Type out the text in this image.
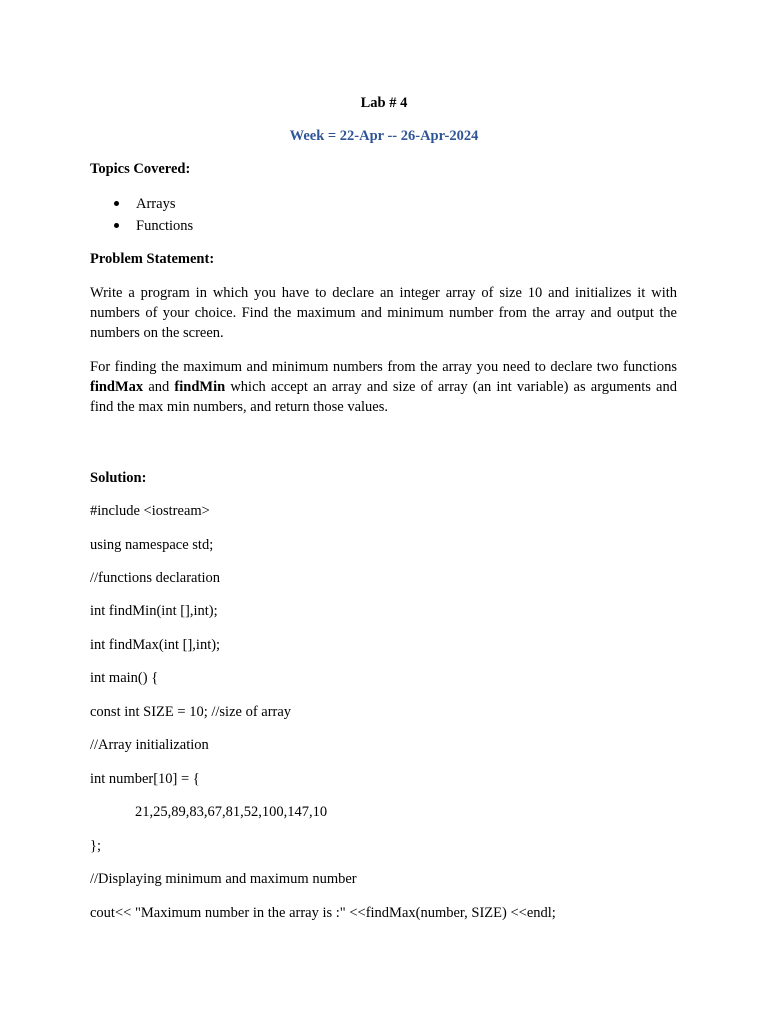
Lab # 4

Week = 22-Apr -- 26-Apr-2024

Topics Covered:

Arrays
Functions

Problem Statement:

Write a program in which you have to declare an integer array of size 10 and initializes it with numbers of your choice. Find the maximum and minimum number from the array and output the numbers on the screen.

For finding the maximum and minimum numbers from the array you need to declare two functions findMax and findMin which accept an array and size of array (an int variable) as arguments and find the max min numbers, and return those values.

Solution:

#include <iostream>

using namespace std;

//functions declaration

int findMin(int [],int);

int findMax(int [],int);

int main() {

const int SIZE = 10; //size of array

//Array initialization

int number[10] = {

21,25,89,83,67,81,52,100,147,10

};

//Displaying minimum and maximum number

cout<< "Maximum number in the array is :" <<findMax(number, SIZE) <<endl;
